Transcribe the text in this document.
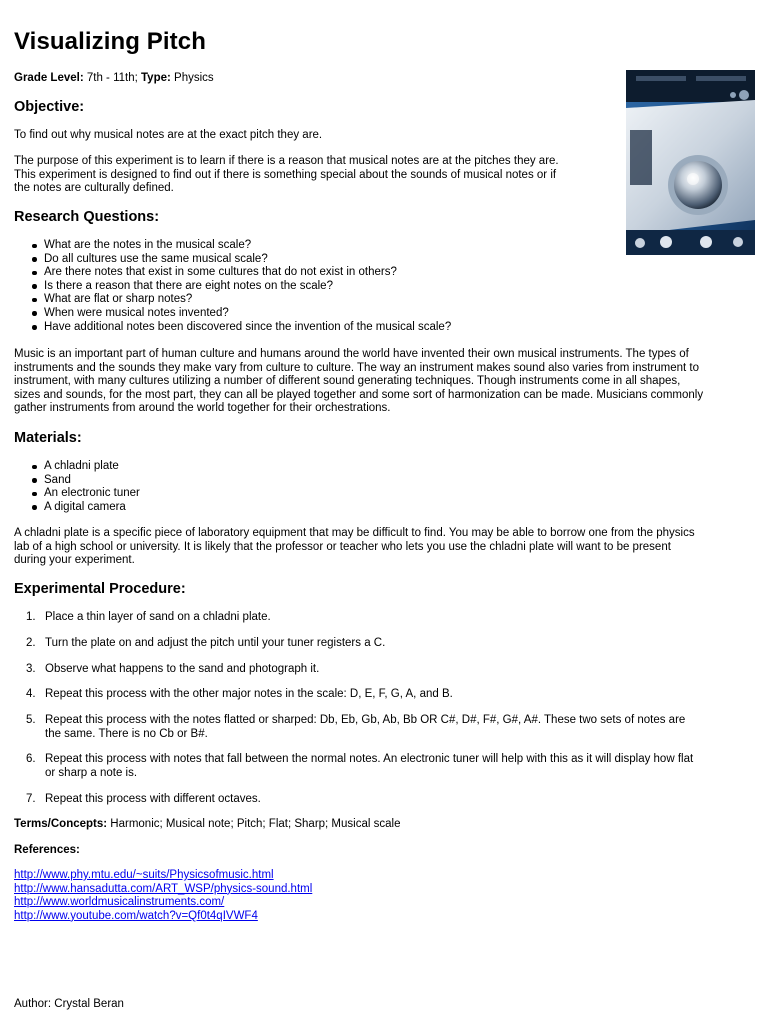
Visualizing Pitch
Grade Level: 7th - 11th; Type: Physics
Objective:

To find out why musical notes are at the exact pitch they are.

The purpose of this experiment is to learn if there is a reason that musical notes are at the pitches they are.

This experiment is designed to find out if there is something special about the sounds of musical notes or if

the notes are culturally defined.

Research Questions:
What are the notes in the musical scale?
Do all cultures use the same musical scale?
Are there notes that exist in some cultures that do not exist in others?
Is there a reason that there are eight notes on the scale?
What are flat or sharp notes?
When were musical notes invented?
Have additional notes been discovered since the invention of the musical scale?

Music is an important part of human culture and humans around the world have invented their own musical instruments. The types of

instruments and the sounds they make vary from culture to culture. The way an instrument makes sound also varies from instrument to

instrument, with many cultures utilizing a number of different sound generating techniques. Though instruments come in all shapes,

sizes and sounds, for the most part, they can all be played together and some sort of harmonization can be made. Musicians commonly

gather instruments from around the world together for their orchestrations.

Materials:
A chladni plate
Sand
An electronic tuner
A digital camera

A chladni plate is a specific piece of laboratory equipment that may be difficult to find. You may be able to borrow one from the physics

lab of a high school or university. It is likely that the professor or teacher who lets you use the chladni plate will want to be present

during your experiment.

Experimental Procedure:
1. Place a thin layer of sand on a chladni plate.
2. Turn the plate on and adjust the pitch until your tuner registers a C.
3. Observe what happens to the sand and photograph it.
4. Repeat this process with the other major notes in the scale: D, E, F, G, A, and B.
5. Repeat this process with the notes flatted or sharped: Db, Eb, Gb, Ab, Bb OR C#, D#, F#, G#, A#. These two sets of notes are
the same. There is no Cb or B#.
6. Repeat this process with notes that fall between the normal notes. An electronic tuner will help with this as it will display how flat
or sharp a note is.
7. Repeat this process with different octaves.

Terms/Concepts: Harmonic; Musical note; Pitch; Flat; Sharp; Musical scale

References:

http://www.phy.mtu.edu/~suits/Physicsofmusic.html
http://www.hansadutta.com/ART_WSP/physics-sound.html
http://www.worldmusicalinstruments.com/
http://www.youtube.com/watch?v=Qf0t4qIVWF4

Author: Crystal Beran
